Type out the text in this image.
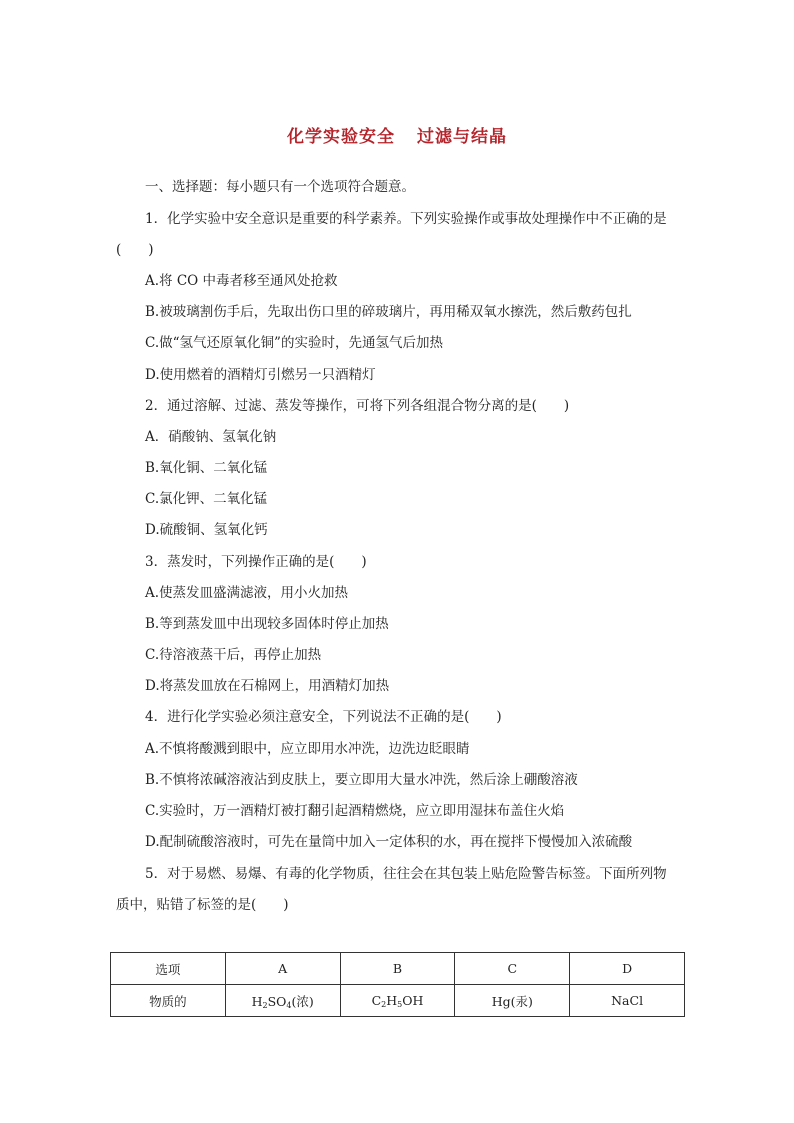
化学实验安全 过滤与结晶
一、选择题：每小题只有一个选项符合题意。
1．化学实验中安全意识是重要的科学素养。下列实验操作或事故处理操作中不正确的是
(　　)
A.将 CO 中毒者移至通风处抢救
B.被玻璃割伤手后，先取出伤口里的碎玻璃片，再用稀双氧水擦洗，然后敷药包扎
C.做“氢气还原氧化铜”的实验时，先通氢气后加热
D.使用燃着的酒精灯引燃另一只酒精灯
2．通过溶解、过滤、蒸发等操作，可将下列各组混合物分离的是(　　)
A．硝酸钠、氢氧化钠
B.氧化铜、二氧化锰
C.氯化钾、二氧化锰
D.硫酸铜、氢氧化钙
3．蒸发时，下列操作正确的是(　　)
A.使蒸发皿盛满滤液，用小火加热
B.等到蒸发皿中出现较多固体时停止加热
C.待溶液蒸干后，再停止加热
D.将蒸发皿放在石棉网上，用酒精灯加热
4．进行化学实验必须注意安全，下列说法不正确的是(　　)
A.不慎将酸溅到眼中，应立即用水冲洗，边洗边眨眼睛
B.不慎将浓碱溶液沾到皮肤上，要立即用大量水冲洗，然后涂上硼酸溶液
C.实验时，万一酒精灯被打翻引起酒精燃烧，应立即用湿抹布盖住火焰
D.配制硫酸溶液时，可先在量筒中加入一定体积的水，再在搅拌下慢慢加入浓硫酸
5．对于易燃、易爆、有毒的化学物质，往往会在其包装上贴危险警告标签。下面所列物
质中，贴错了标签的是(　　)
选项	A	B	C	D
物质的	$H_2SO_4$(浓)	$C_2H_5OH$	Hg(汞)	NaCl
